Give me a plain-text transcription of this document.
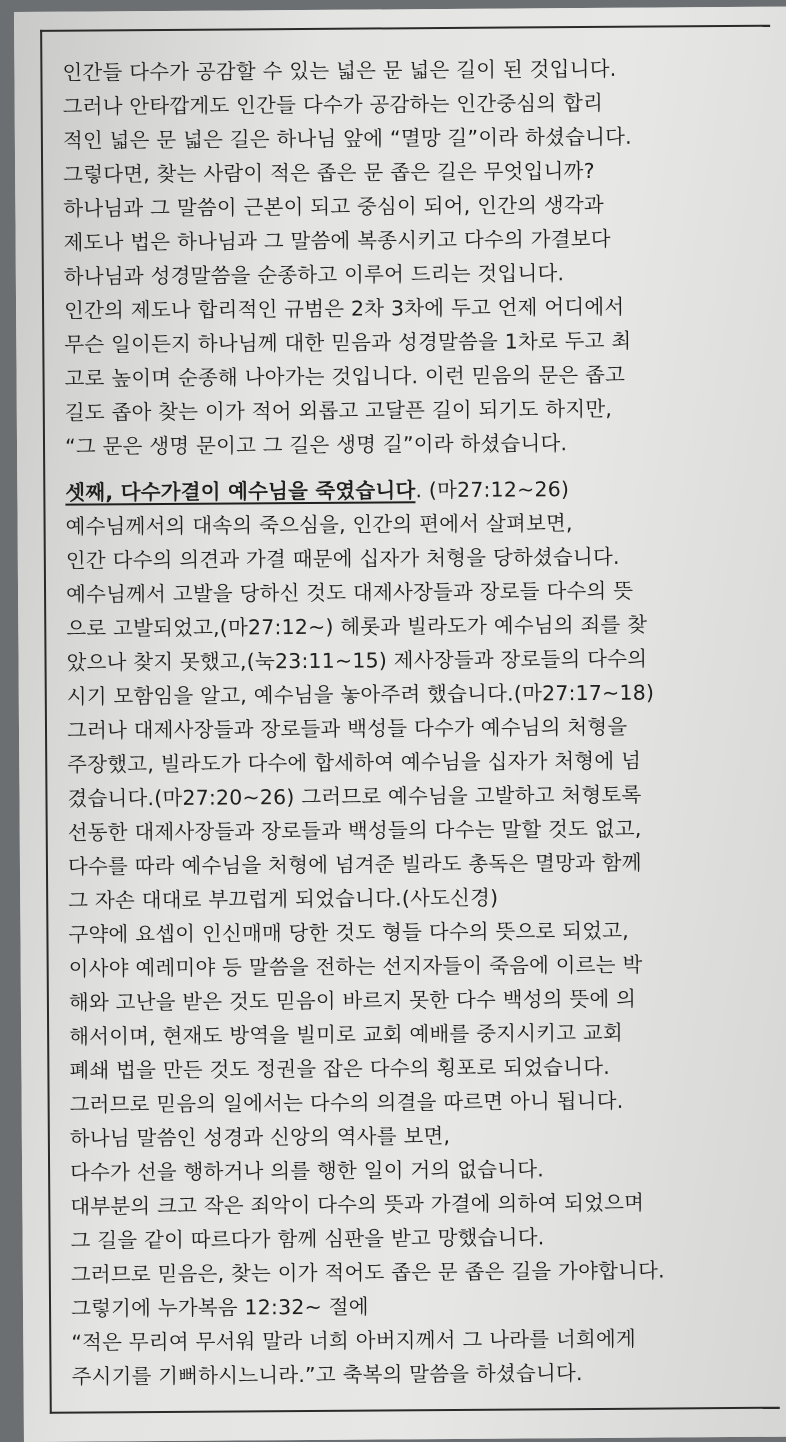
인간들 다수가 공감할 수 있는 넓은 문 넓은 길이 된 것입니다.
그러나 안타깝게도 인간들 다수가 공감하는 인간중심의 합리
적인 넓은 문 넓은 길은 하나님 앞에 “멸망 길”이라 하셨습니다.
그렇다면, 찾는 사람이 적은 좁은 문 좁은 길은 무엇입니까?
하나님과 그 말씀이 근본이 되고 중심이 되어, 인간의 생각과
제도나 법은 하나님과 그 말씀에 복종시키고 다수의 가결보다
하나님과 성경말씀을 순종하고 이루어 드리는 것입니다.
인간의 제도나 합리적인 규범은 2차 3차에 두고 언제 어디에서
무슨 일이든지 하나님께 대한 믿음과 성경말씀을 1차로 두고 최
고로 높이며 순종해 나아가는 것입니다. 이런 믿음의 문은 좁고
길도 좁아 찾는 이가 적어 외롭고 고달픈 길이 되기도 하지만,
“그 문은 생명 문이고 그 길은 생명 길”이라 하셨습니다.
셋째, 다수가결이 예수님을 죽였습니다. (마27:12~26)
예수님께서의 대속의 죽으심을, 인간의 편에서 살펴보면,
인간 다수의 의견과 가결 때문에 십자가 처형을 당하셨습니다.
예수님께서 고발을 당하신 것도 대제사장들과 장로들 다수의 뜻
으로 고발되었고,(마27:12~) 헤롯과 빌라도가 예수님의 죄를 찾
았으나 찾지 못했고,(눅23:11~15) 제사장들과 장로들의 다수의
시기 모함임을 알고, 예수님을 놓아주려 했습니다.(마27:17~18)
그러나 대제사장들과 장로들과 백성들 다수가 예수님의 처형을
주장했고, 빌라도가 다수에 합세하여 예수님을 십자가 처형에 넘
겼습니다.(마27:20~26) 그러므로 예수님을 고발하고 처형토록
선동한 대제사장들과 장로들과 백성들의 다수는 말할 것도 없고,
다수를 따라 예수님을 처형에 넘겨준 빌라도 총독은 멸망과 함께
그 자손 대대로 부끄럽게 되었습니다.(사도신경)
구약에 요셉이 인신매매 당한 것도 형들 다수의 뜻으로 되었고,
이사야 예레미야 등 말씀을 전하는 선지자들이 죽음에 이르는 박
해와 고난을 받은 것도 믿음이 바르지 못한 다수 백성의 뜻에 의
해서이며, 현재도 방역을 빌미로 교회 예배를 중지시키고 교회
폐쇄 법을 만든 것도 정권을 잡은 다수의 횡포로 되었습니다.
그러므로 믿음의 일에서는 다수의 의결을 따르면 아니 됩니다.
하나님 말씀인 성경과 신앙의 역사를 보면,
다수가 선을 행하거나 의를 행한 일이 거의 없습니다.
대부분의 크고 작은 죄악이 다수의 뜻과 가결에 의하여 되었으며
그 길을 같이 따르다가 함께 심판을 받고 망했습니다.
그러므로 믿음은, 찾는 이가 적어도 좁은 문 좁은 길을 가야합니다.
그렇기에 누가복음 12:32~ 절에
“적은 무리여 무서워 말라 너희 아버지께서 그 나라를 너희에게
주시기를 기뻐하시느니라.”고 축복의 말씀을 하셨습니다.
